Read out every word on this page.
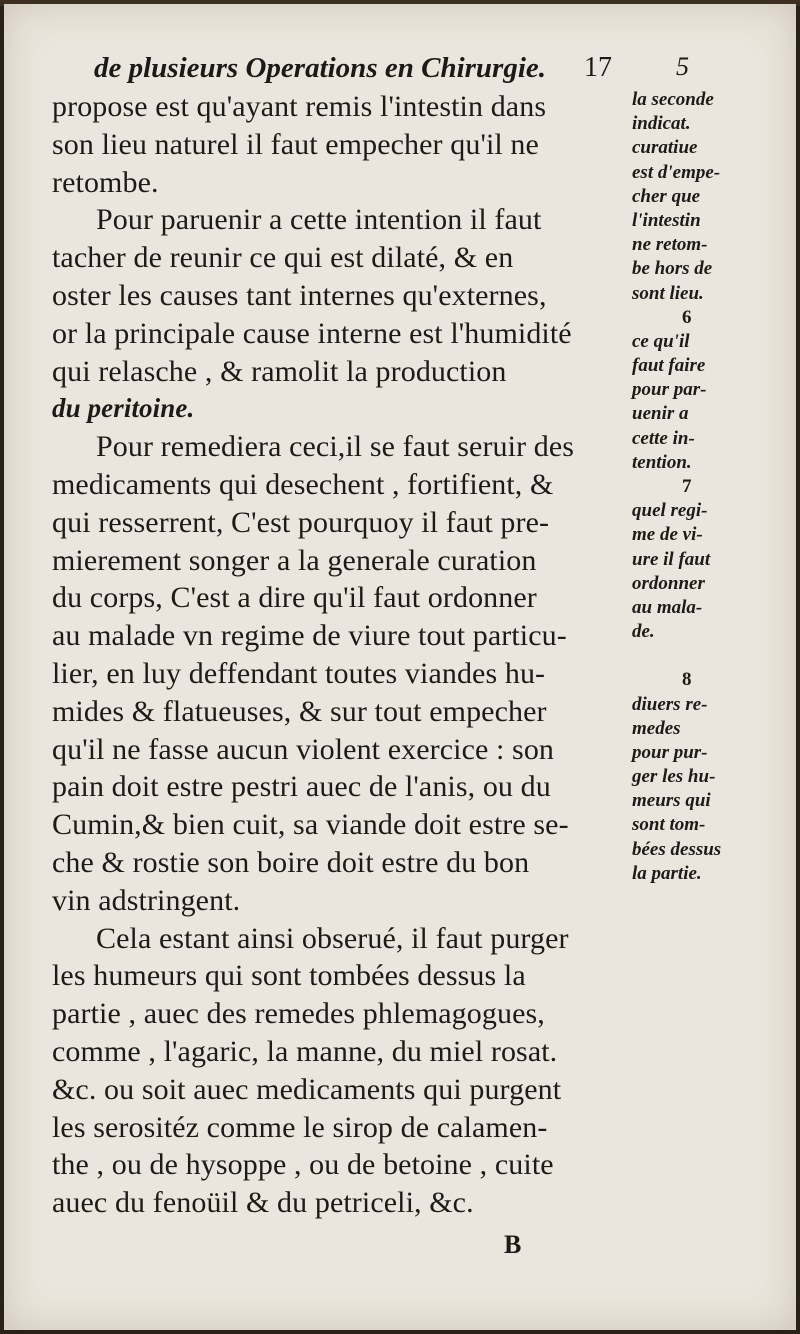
de plusieurs Operations en Chirurgie. 17 5
propose est qu'ayant remis l'intestin dans
son lieu naturel il faut empecher qu'il ne
retombe.
Pour paruenir a cette intention il faut
tacher de reunir ce qui est dilaté, & en
oster les causes tant internes qu'externes,
or la principale cause interne est l'humidité
qui relasche , & ramolit la production
du peritoine.
Pour remediera ceci,il se faut seruir des
medicaments qui desechent , fortifient, &
qui resserrent, C'est pourquoy il faut pre-
mierement songer a la generale curation
du corps, C'est a dire qu'il faut ordonner
au malade vn regime de viure tout particu-
lier, en luy deffendant toutes viandes hu-
mides & flatueuses, & sur tout empecher
qu'il ne fasse aucun violent exercice : son
pain doit estre pestri auec de l'anis, ou du
Cumin,& bien cuit, sa viande doit estre se-
che & rostie son boire doit estre du bon
vin adstringent.
Cela estant ainsi obserué, il faut purger
les humeurs qui sont tombées dessus la
partie , auec des remedes phlemagogues,
comme , l'agaric, la manne, du miel rosat.
&c. ou soit auec medicaments qui purgent
les serositéz comme le sirop de calamen-
the , ou de hysoppe , ou de betoine , cuite
auec du fenoüil & du petriceli, &c.
la seconde
indicat.
curatiue
est d'empe-
cher que
l'intestin
ne retom-
be hors de
sont lieu.
6
ce qu'il
faut faire
pour par-
uenir a
cette in-
tention.
7
quel regi-
me de vi-
ure il faut
ordonner
au mala-
de.
8
diuers re-
medes
pour pur-
ger les hu-
meurs qui
sont tom-
bées dessus
la partie.
B
